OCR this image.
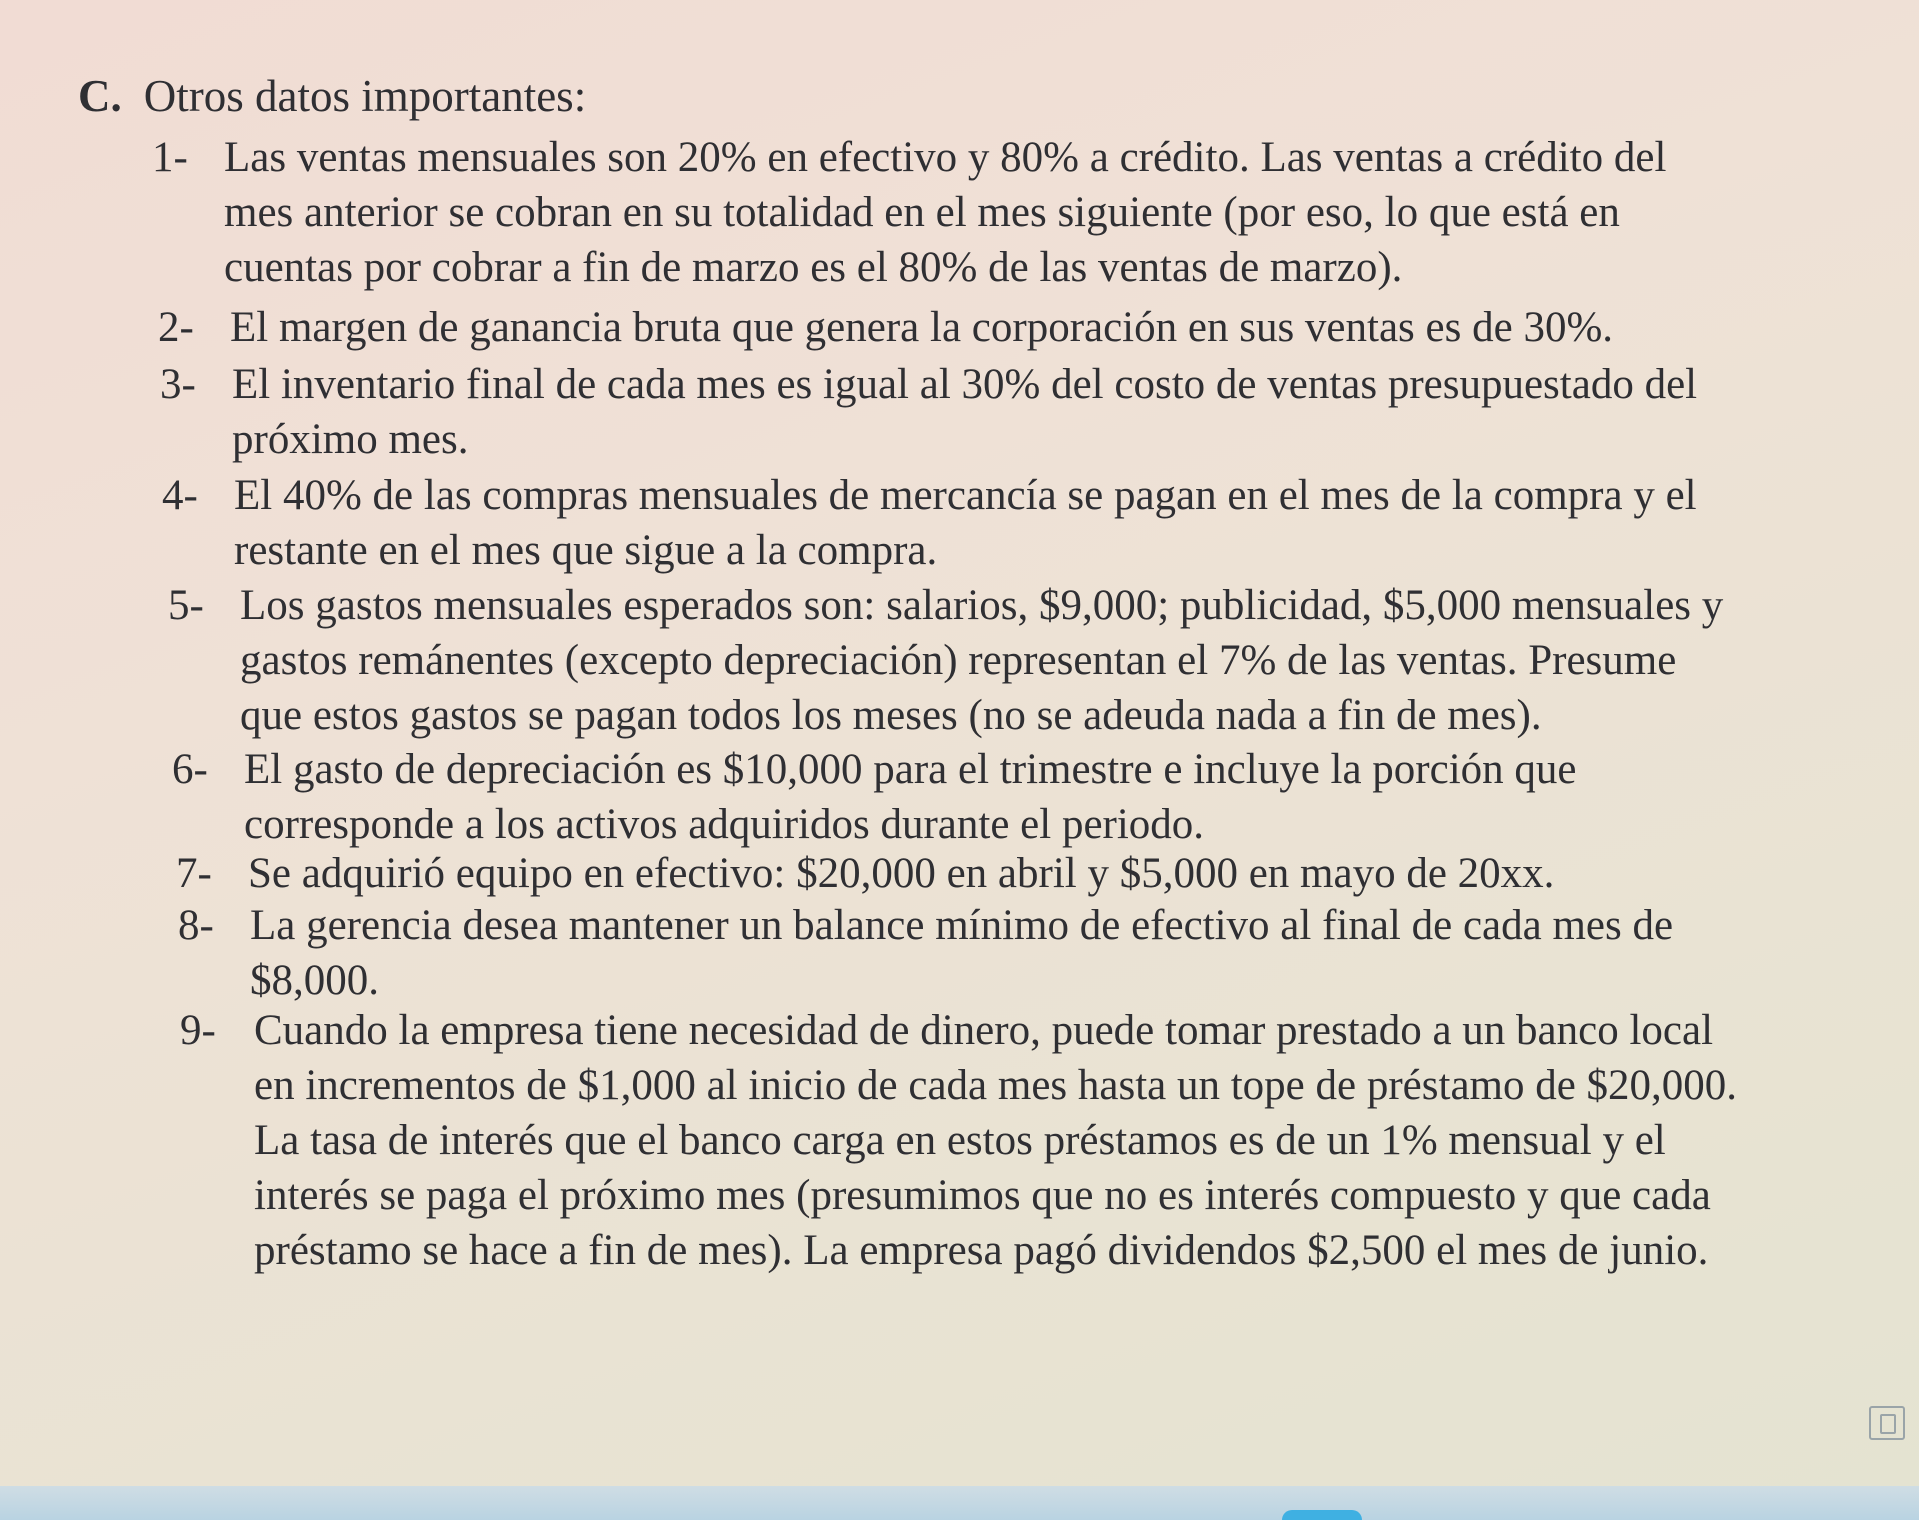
C. Otros datos importantes:
1- Las ventas mensuales son 20% en efectivo y 80% a crédito. Las ventas a crédito del
mes anterior se cobran en su totalidad en el mes siguiente (por eso, lo que está en
cuentas por cobrar a fin de marzo es el 80% de las ventas de marzo).
2- El margen de ganancia bruta que genera la corporación en sus ventas es de 30%.
3- El inventario final de cada mes es igual al 30% del costo de ventas presupuestado del
próximo mes.
4- El 40% de las compras mensuales de mercancía se pagan en el mes de la compra y el
restante en el mes que sigue a la compra.
5- Los gastos mensuales esperados son: salarios, $9,000; publicidad, $5,000 mensuales y
gastos remánentes (excepto depreciación) representan el 7% de las ventas. Presume
que estos gastos se pagan todos los meses (no se adeuda nada a fin de mes).
6- El gasto de depreciación es $10,000 para el trimestre e incluye la porción que
corresponde a los activos adquiridos durante el periodo.
7- Se adquirió equipo en efectivo: $20,000 en abril y $5,000 en mayo de 20xx.
8- La gerencia desea mantener un balance mínimo de efectivo al final de cada mes de
$8,000.
9- Cuando la empresa tiene necesidad de dinero, puede tomar prestado a un banco local
en incrementos de $1,000 al inicio de cada mes hasta un tope de préstamo de $20,000.
La tasa de interés que el banco carga en estos préstamos es de un 1% mensual y el
interés se paga el próximo mes (presumimos que no es interés compuesto y que cada
préstamo se hace a fin de mes). La empresa pagó dividendos $2,500 el mes de junio.
